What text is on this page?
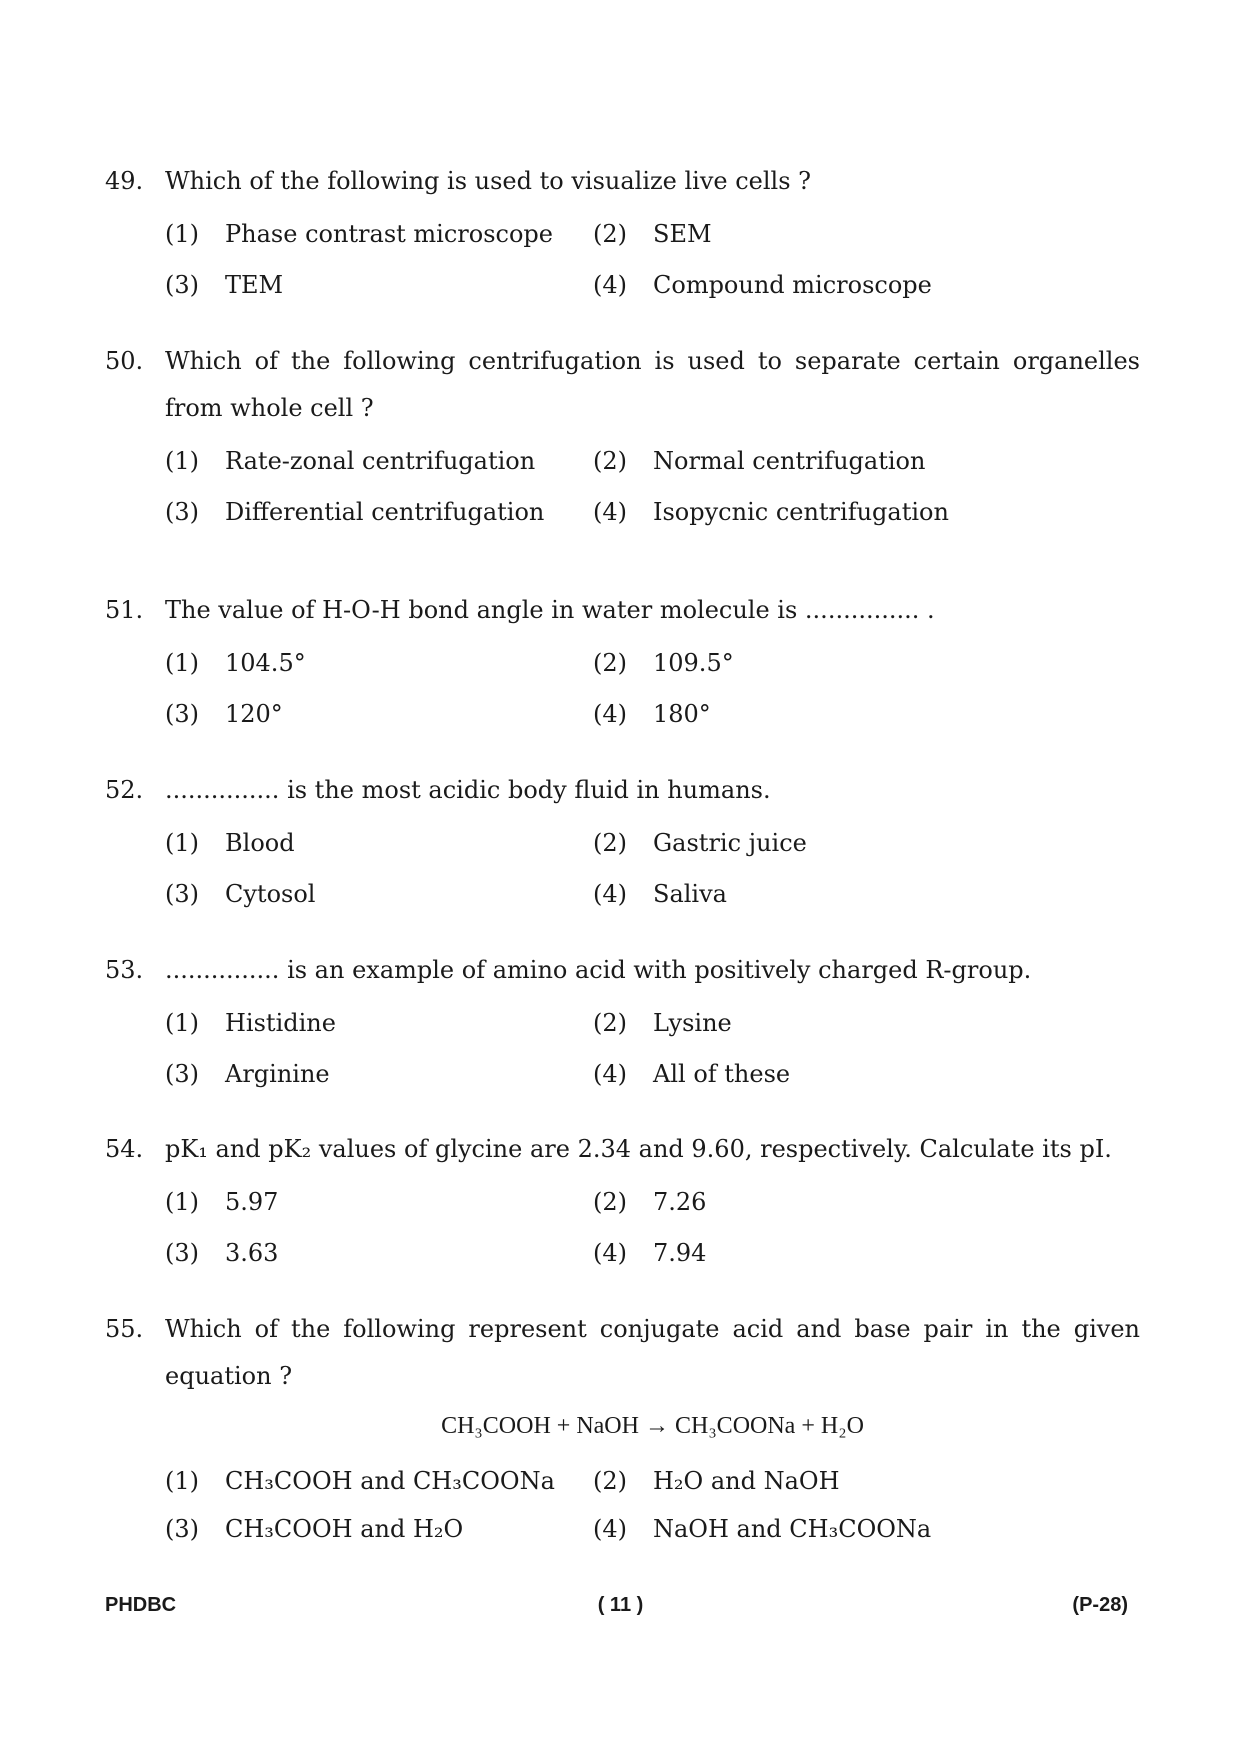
49. Which of the following is used to visualize live cells ?
(1) Phase contrast microscope (2) SEM
(3) TEM	(4) Compound microscope
50. Which of the following centrifugation is used to separate certain organelles from whole cell ?
(1) Rate-zonal centrifugation (2) Normal centrifugation
(3) Differential centrifugation (4) Isopycnic centrifugation
51. The value of H-O-H bond angle in water molecule is ............... .
(1) 104.5°	(2) 109.5°
(3) 120°	(4) 180°
52. ............... is the most acidic body fluid in humans.
(1) Blood	(2) Gastric juice
(3) Cytosol	(4) Saliva
53. ............... is an example of amino acid with positively charged R-group.
(1) Histidine	(2) Lysine
(3) Arginine	(4) All of these
54. pK₁ and pK₂ values of glycine are 2.34 and 9.60, respectively. Calculate its pI.
(1) 5.97	(2) 7.26
(3) 3.63	(4) 7.94
55. Which of the following represent conjugate acid and base pair in the given equation ?
CH₃COOH + NaOH → CH₃COONa + H₂O
(1) CH₃COOH and CH₃COONa (2) H₂O and NaOH
(3) CH₃COOH and H₂O	(4) NaOH and CH₃COONa
PHDBC	( 11 )	(P-28)
